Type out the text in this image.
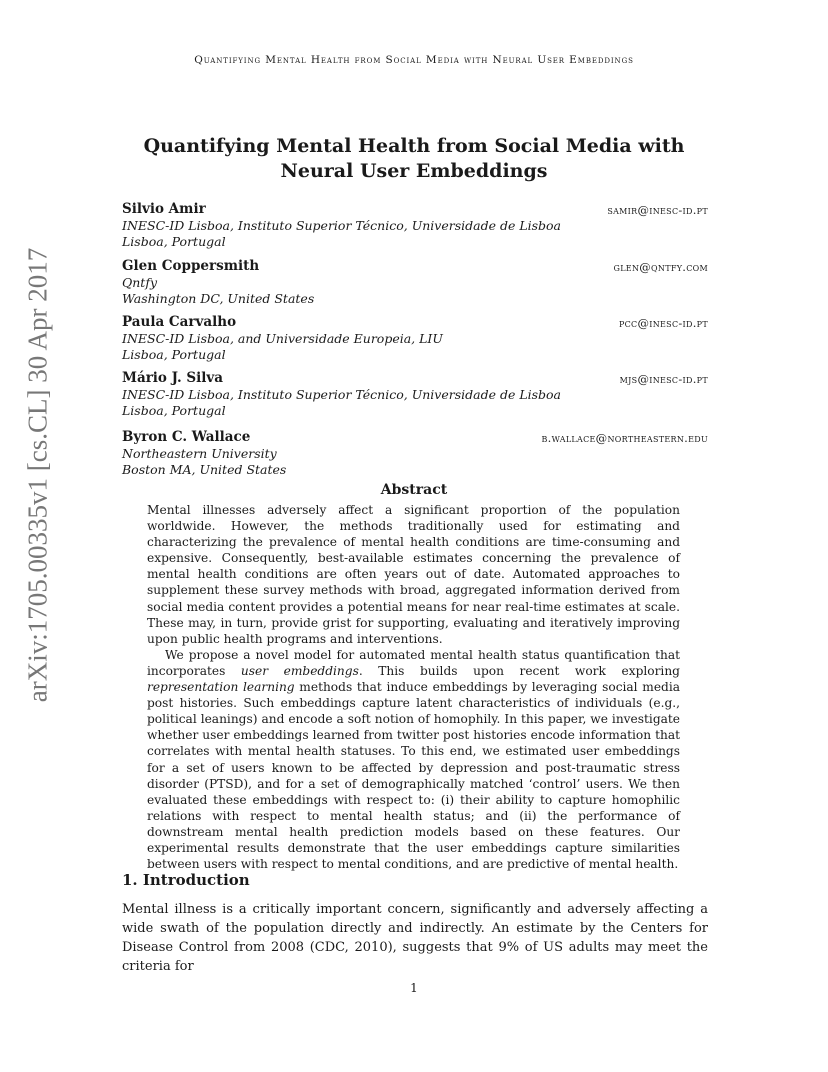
Quantifying Mental Health from Social Media with Neural User Embeddings
arXiv:1705.00335v1 [cs.CL] 30 Apr 2017
Quantifying Mental Health from Social Media with
Neural User Embeddings
Silvio Amir	samir@inesc-id.pt
INESC-ID Lisboa, Instituto Superior Técnico, Universidade de Lisboa
Lisboa, Portugal
Glen Coppersmith	glen@qntfy.com
Qntfy
Washington DC, United States
Paula Carvalho	pcc@inesc-id.pt
INESC-ID Lisboa, and Universidade Europeia, LIU
Lisboa, Portugal
Mário J. Silva	mjs@inesc-id.pt
INESC-ID Lisboa, Instituto Superior Técnico, Universidade de Lisboa
Lisboa, Portugal
Byron C. Wallace	b.wallace@northeastern.edu
Northeastern University
Boston MA, United States
Abstract

Mental illnesses adversely affect a significant proportion of the population worldwide. However, the methods traditionally used for estimating and characterizing the prevalence of mental health conditions are time-consuming and expensive. Consequently, best-available estimates concerning the prevalence of mental health conditions are often years out of date. Automated approaches to supplement these survey methods with broad, aggregated information derived from social media content provides a potential means for near real-time estimates at scale. These may, in turn, provide grist for supporting, evaluating and iteratively improving upon public health programs and interventions.

We propose a novel model for automated mental health status quantification that incorporates user embeddings. This builds upon recent work exploring representation learning methods that induce embeddings by leveraging social media post histories. Such embeddings capture latent characteristics of individuals (e.g., political leanings) and encode a soft notion of homophily. In this paper, we investigate whether user embeddings learned from twitter post histories encode information that correlates with mental health statuses. To this end, we estimated user embeddings for a set of users known to be affected by depression and post-traumatic stress disorder (PTSD), and for a set of demographically matched ‘control’ users. We then evaluated these embeddings with respect to: (i) their ability to capture homophilic relations with respect to mental health status; and (ii) the performance of downstream mental health prediction models based on these features. Our experimental results demonstrate that the user embeddings capture similarities between users with respect to mental conditions, and are predictive of mental health.

1. Introduction

Mental illness is a critically important concern, significantly and adversely affecting a wide swath of the population directly and indirectly. An estimate by the Centers for Disease Control from 2008 (CDC, 2010), suggests that 9% of US adults may meet the criteria for

1
